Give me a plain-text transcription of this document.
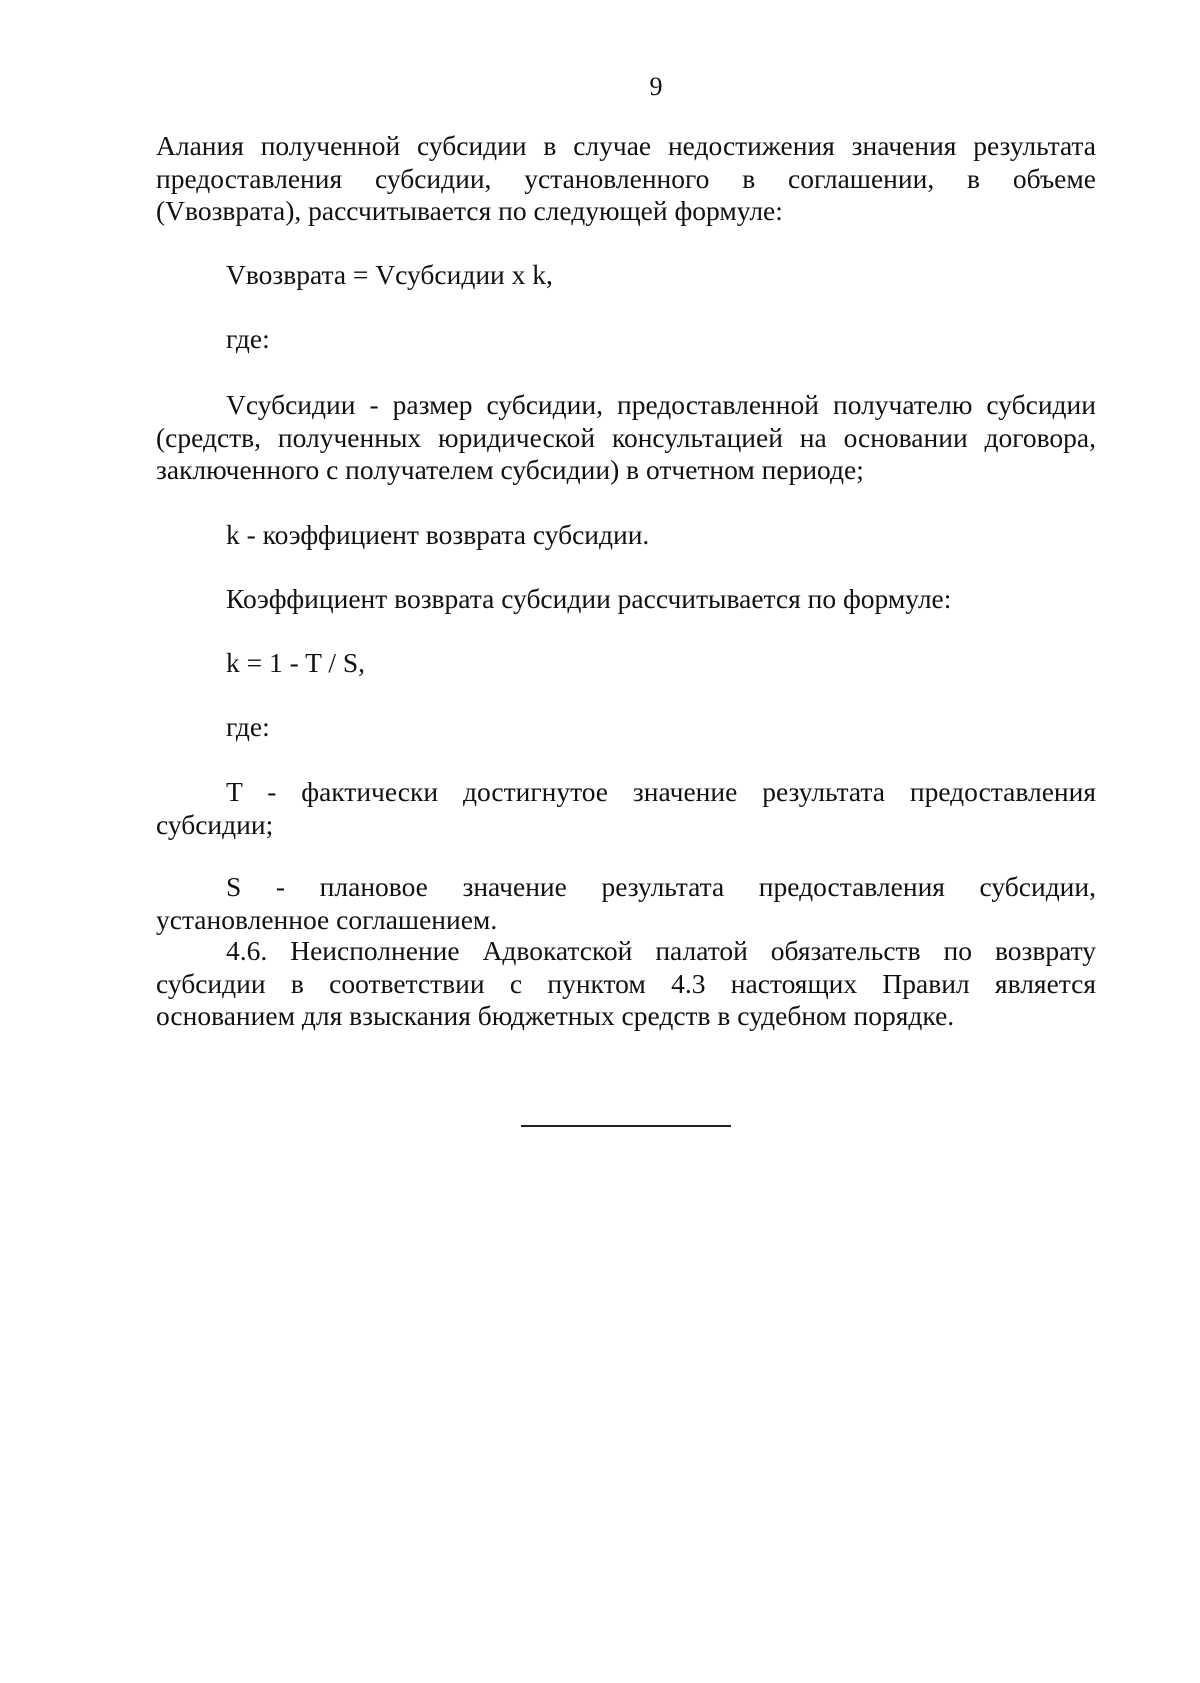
9
Алания полученной субсидии в случае недостижения значения результата
предоставления субсидии, установленного в соглашении, в объеме
(Vвозврата), рассчитывается по следующей формуле:
Vвозврата = Vсубсидии x k,
где:
Vсубсидии - размер субсидии, предоставленной получателю субсидии
(средств, полученных юридической консультацией на основании договора,
заключенного с получателем субсидии) в отчетном периоде;
k - коэффициент возврата субсидии.
Коэффициент возврата субсидии рассчитывается по формуле:
k = 1 - T / S,
где:
T - фактически достигнутое значение результата предоставления
субсидии;
S - плановое значение результата предоставления субсидии,
установленное соглашением.
4.6. Неисполнение Адвокатской палатой обязательств по возврату
субсидии в соответствии с пунктом 4.3 настоящих Правил является
основанием для взыскания бюджетных средств в судебном порядке.
